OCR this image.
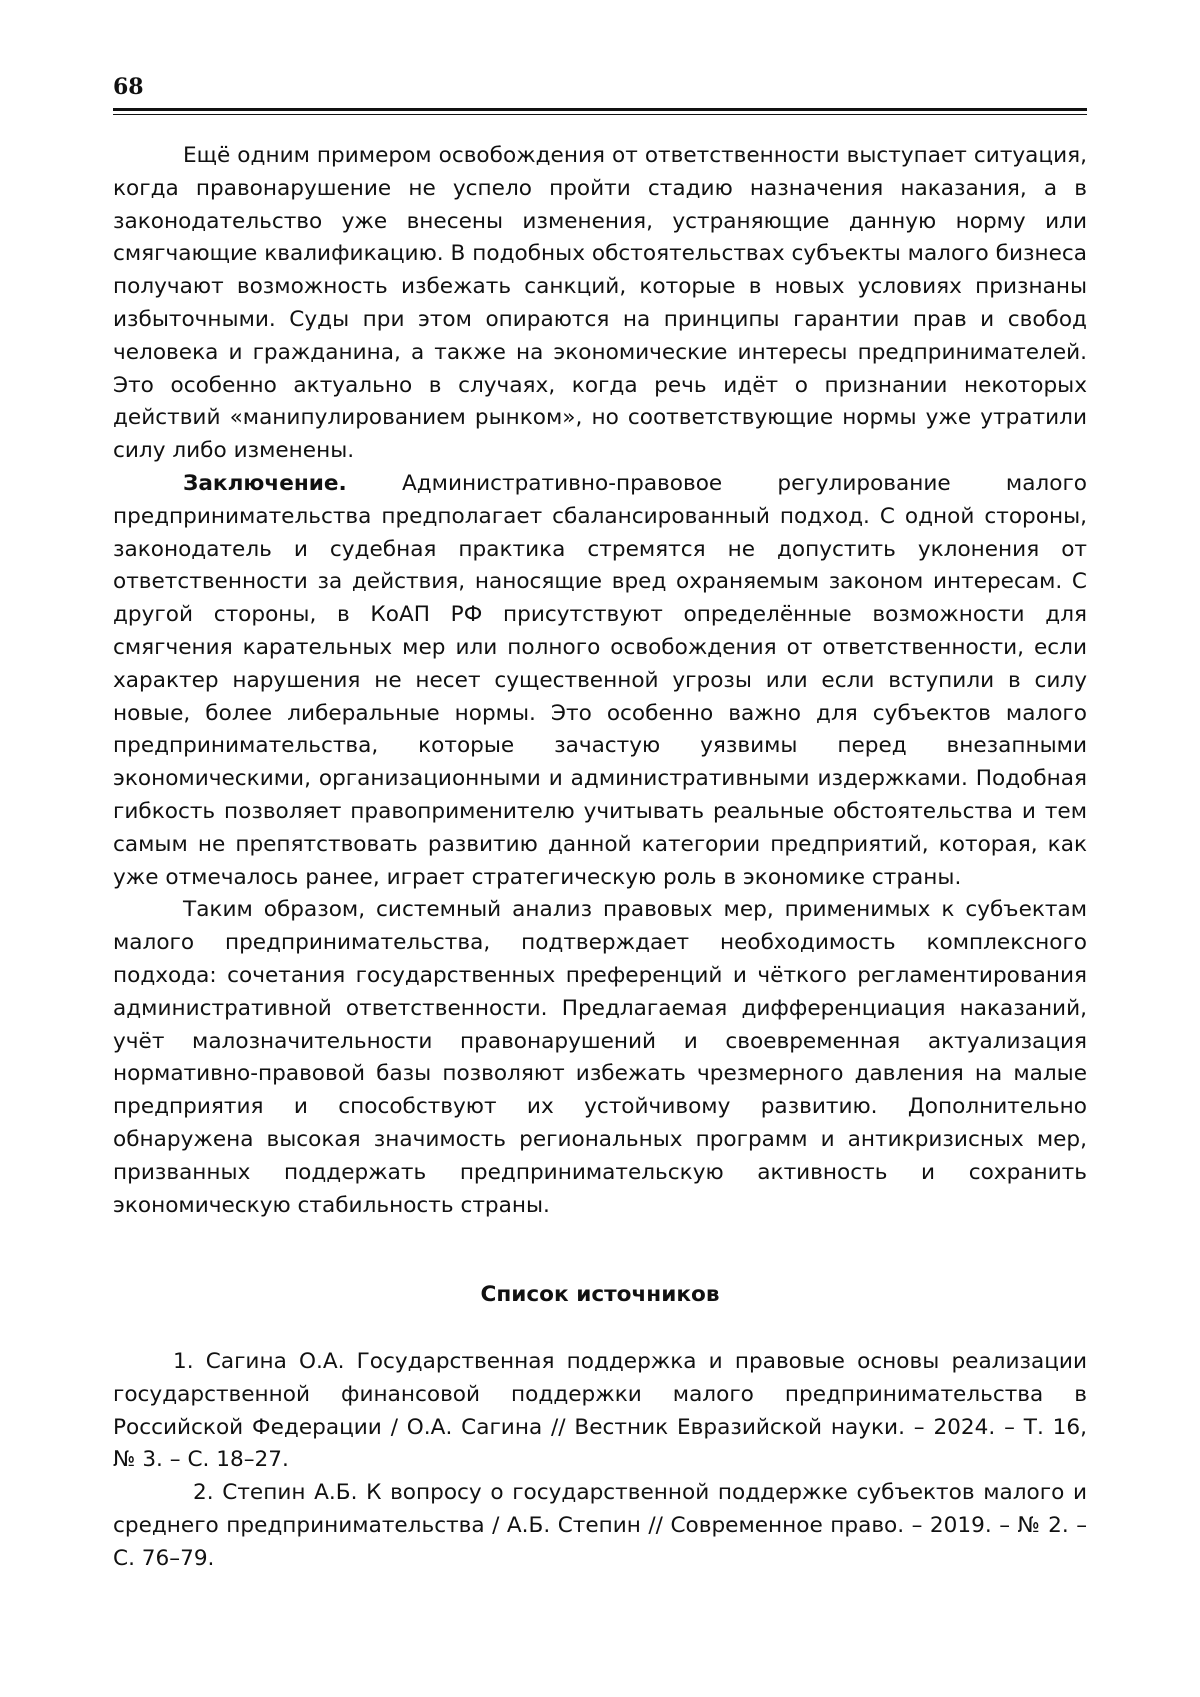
68

Ещё одним примером освобождения от ответственности выступает ситуация, когда правонарушение не успело пройти стадию назначения наказания, а в законодательство уже внесены изменения, устраняющие данную норму или смягчающие квалификацию. В подобных обстоятельствах субъекты малого бизнеса получают возможность избежать санкций, которые в новых условиях признаны избыточными. Суды при этом опираются на принципы гарантии прав и свобод человека и гражданина, а также на экономические интересы предпринимателей. Это особенно актуально в случаях, когда речь идёт о признании некоторых действий «манипулированием рынком», но соответствующие нормы уже утратили силу либо изменены.

Заключение. Административно-правовое регулирование малого предпринимательства предполагает сбалансированный подход. С одной стороны, законодатель и судебная практика стремятся не допустить уклонения от ответственности за действия, наносящие вред охраняемым законом интересам. С другой стороны, в КоАП РФ присутствуют определённые возможности для смягчения карательных мер или полного освобождения от ответственности, если характер нарушения не несет существенной угрозы или если вступили в силу новые, более либеральные нормы. Это особенно важно для субъектов малого предпринимательства, которые зачастую уязвимы перед внезапными экономическими, организационными и административными издержками. Подобная гибкость позволяет правоприменителю учитывать реальные обстоятельства и тем самым не препятствовать развитию данной категории предприятий, которая, как уже отмечалось ранее, играет стратегическую роль в экономике страны.

Таким образом, системный анализ правовых мер, применимых к субъектам малого предпринимательства, подтверждает необходимость комплексного подхода: сочетания государственных преференций и чёткого регламентирования административной ответственности. Предлагаемая дифференциация наказаний, учёт малозначительности правонарушений и своевременная актуализация нормативно-правовой базы позволяют избежать чрезмерного давления на малые предприятия и способствуют их устойчивому развитию. Дополнительно обнаружена высокая значимость региональных программ и антикризисных мер, призванных поддержать предпринимательскую активность и сохранить экономическую стабильность страны.

Список источников

1. Сагина О.А. Государственная поддержка и правовые основы реализации государственной финансовой поддержки малого предпринимательства в Российской Федерации / О.А. Сагина // Вестник Евразийской науки. – 2024. – Т. 16, № 3. – С. 18–27.

2. Степин А.Б. К вопросу о государственной поддержке субъектов малого и среднего предпринимательства / А.Б. Степин // Современное право. – 2019. – № 2. – С. 76–79.
